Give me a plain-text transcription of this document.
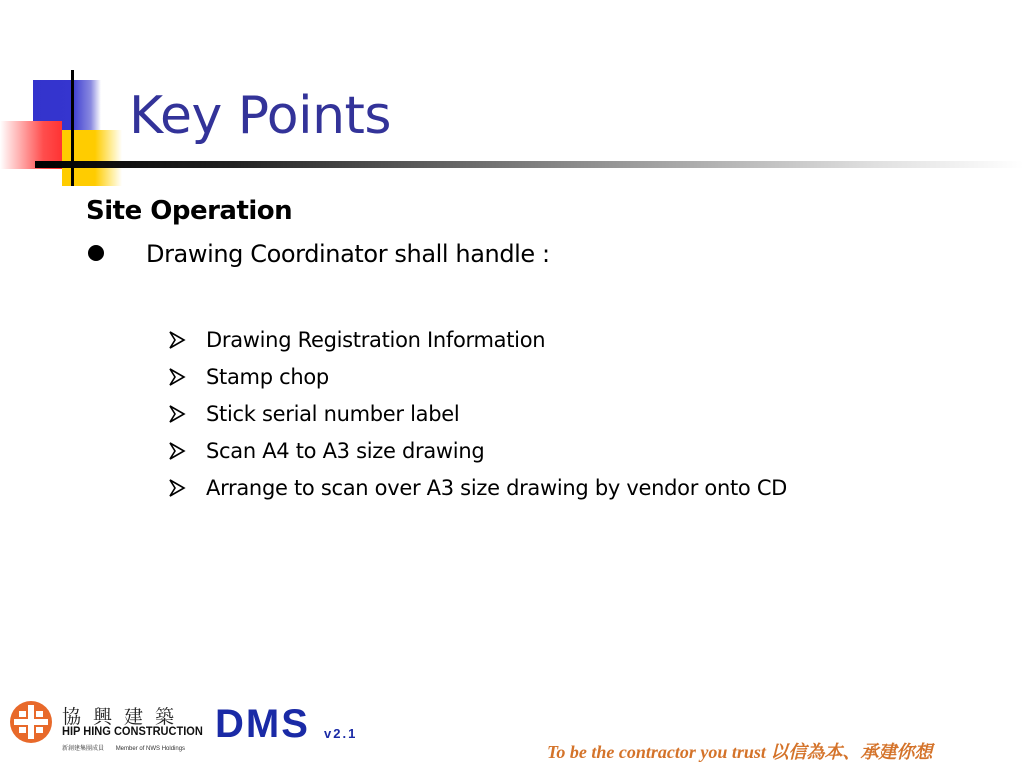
Key Points
Site Operation
Drawing Coordinator shall handle :
Drawing Registration Information
Stamp chop
Stick serial number label
Scan A4 to A3 size drawing
Arrange to scan over A3 size drawing by vendor onto CD
協興建築
HIP HING CONSTRUCTION
新創建集團成員 Member of NWS Holdings
DMS v2.1
To be the contractor you trust 以信為本、承建你想
